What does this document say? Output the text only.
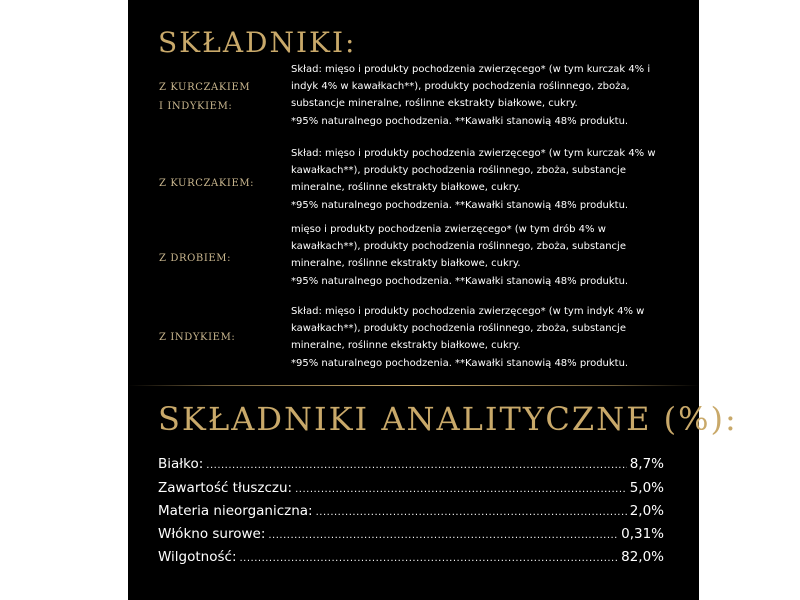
SKŁADNIKI:
Z KURCZAKIEM
I INDYKIEM:

Skład: mięso i produkty pochodzenia zwierzęcego* (w tym kurczak 4% i indyk 4% w kawałkach**), produkty pochodzenia roślinnego, zboża, substancje mineralne, roślinne ekstrakty białkowe, cukry.

*95% naturalnego pochodzenia. **Kawałki stanowią 48% produktu.

Z KURCZAKIEM:

Skład: mięso i produkty pochodzenia zwierzęcego* (w tym kurczak 4% w kawałkach**), produkty pochodzenia roślinnego, zboża, substancje mineralne, roślinne ekstrakty białkowe, cukry.

*95% naturalnego pochodzenia. **Kawałki stanowią 48% produktu.

Z DROBIEM:

mięso i produkty pochodzenia zwierzęcego* (w tym drób 4% w kawałkach**), produkty pochodzenia roślinnego, zboża, substancje mineralne, roślinne ekstrakty białkowe, cukry.

*95% naturalnego pochodzenia. **Kawałki stanowią 48% produktu.

Z INDYKIEM:

Skład: mięso i produkty pochodzenia zwierzęcego* (w tym indyk 4% w kawałkach**), produkty pochodzenia roślinnego, zboża, substancje mineralne, roślinne ekstrakty białkowe, cukry.

*95% naturalnego pochodzenia. **Kawałki stanowią 48% produktu.

SKŁADNIKI ANALITYCZNE (%):
Białko: .....	8,7%
Zawartość tłuszczu: .....	5,0%
Materia nieorganiczna: .....	2,0%
Włókno surowe: .....	0,31%
Wilgotność: .....	82,0%
